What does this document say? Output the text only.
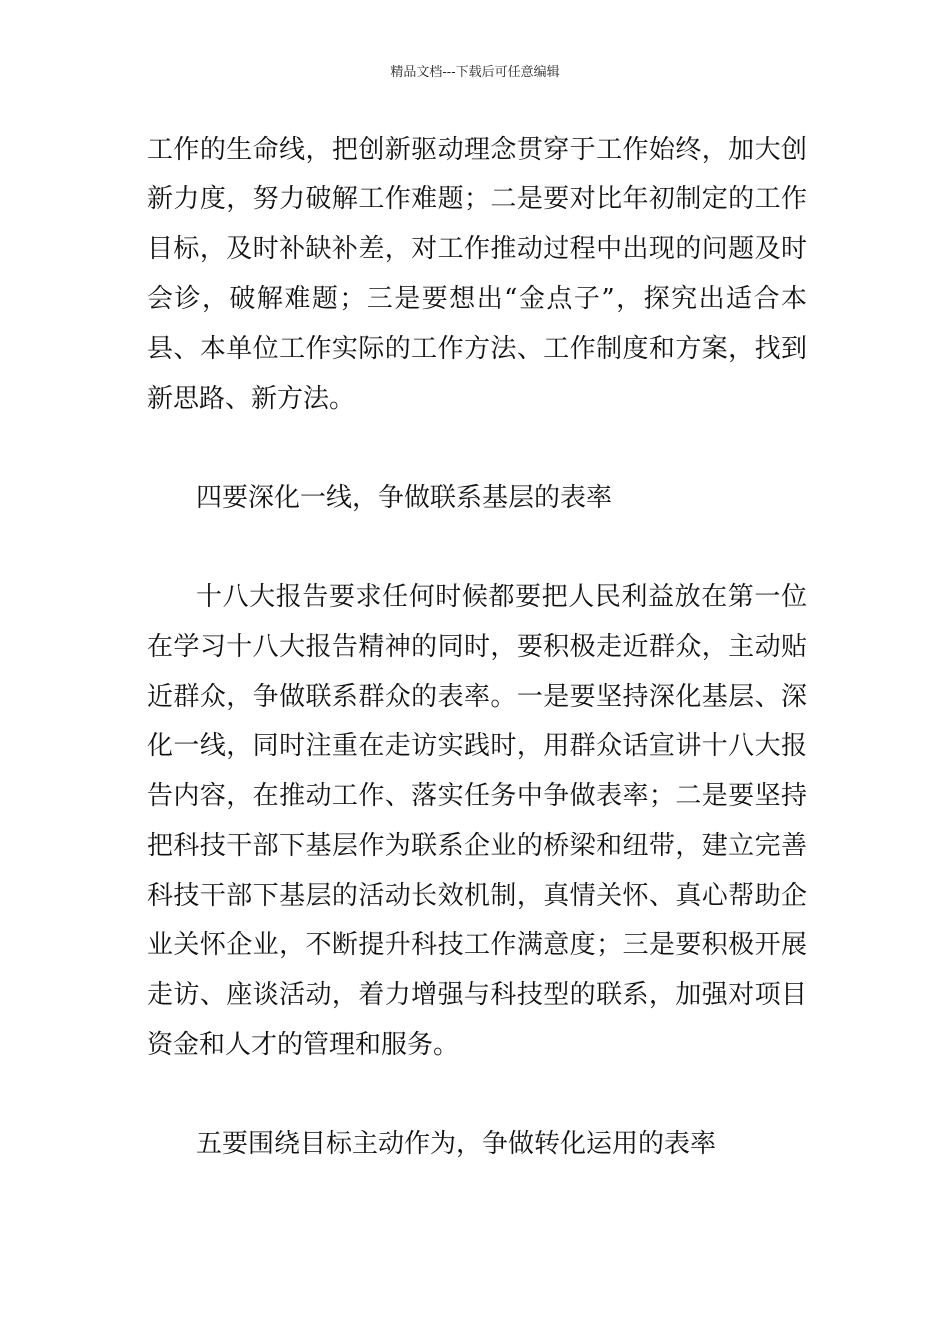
精品文档---下载后可任意编辑
工作的生命线，把创新驱动理念贯穿于工作始终，加大创
新力度，努力破解工作难题；二是要对比年初制定的工作
目标，及时补缺补差，对工作推动过程中出现的问题及时
会诊，破解难题；三是要想出“金点子”，探究出适合本
县、本单位工作实际的工作方法、工作制度和方案，找到
新思路、新方法。
四要深化一线，争做联系基层的表率
十八大报告要求任何时候都要把人民利益放在第一位
在学习十八大报告精神的同时，要积极走近群众，主动贴
近群众，争做联系群众的表率。一是要坚持深化基层、深
化一线，同时注重在走访实践时，用群众话宣讲十八大报
告内容，在推动工作、落实任务中争做表率；二是要坚持
把科技干部下基层作为联系企业的桥梁和纽带，建立完善
科技干部下基层的活动长效机制，真情关怀、真心帮助企
业关怀企业，不断提升科技工作满意度；三是要积极开展
走访、座谈活动，着力增强与科技型的联系，加强对项目
资金和人才的管理和服务。
五要围绕目标主动作为，争做转化运用的表率
